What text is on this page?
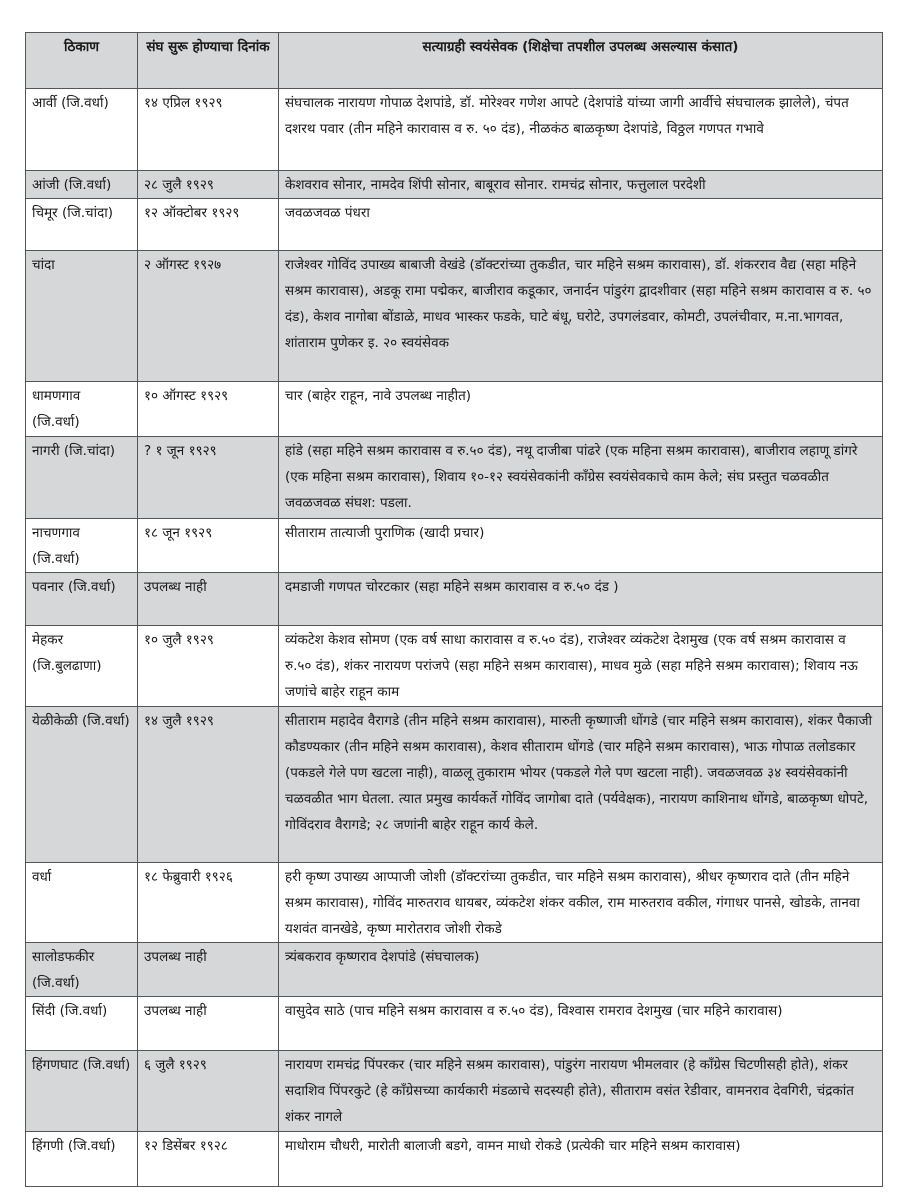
ठिकाण	संघ सुरू होण्याचा दिनांक	सत्याग्रही स्वयंसेवक (शिक्षेचा तपशील उपलब्ध असल्यास कंसात)
आर्वी (जि.वर्धा)	१४ एप्रिल १९२९	संघचालक नारायण गोपाळ देशपांडे, डॉ. मोरेश्वर गणेश आपटे (देशपांडे यांच्या जागी आर्वीचे संघचालक झालेले), चंपत दशरथ पवार (तीन महिने कारावास व रु. ५० दंड), नीळकंठ बाळकृष्ण देशपांडे, विठ्ठल गणपत गभावे
आंजी (जि.वर्धा)	२८ जुलै १९२९	केशवराव सोनार, नामदेव शिंपी सोनार, बाबूराव सोनार. रामचंद्र सोनार, फत्तुलाल परदेशी
चिमूर (जि.चांदा)	१२ ऑक्टोबर १९२९	जवळजवळ पंधरा
चांदा	२ ऑगस्ट १९२७	राजेश्वर गोविंद उपाख्य बाबाजी वेखंडे (डॉक्टरांच्या तुकडीत, चार महिने सश्रम कारावास), डॉ. शंकरराव वैद्य (सहा महिने सश्रम कारावास), अडकू रामा पद्मेकर, बाजीराव कडूकार, जनार्दन पांडुरंग द्वादशीवार (सहा महिने सश्रम कारावास व रु. ५० दंड), केशव नागोबा बोंडाळे, माधव भास्कर फडके, घाटे बंधू, घरोटे, उपगलंडवार, कोमटी, उपलंचीवार, म.ना.भागवत, शांताराम पुणेकर इ. २० स्वयंसेवक
धामणगाव (जि.वर्धा)	१० ऑगस्ट १९२९	चार (बाहेर राहून, नावे उपलब्ध नाहीत)
नागरी (जि.चांदा)	? १ जून १९२९	हांडे (सहा महिने सश्रम कारावास व रु.५० दंड), नथू दाजीबा पांढरे (एक महिना सश्रम कारावास), बाजीराव लहाणू डांगरे (एक महिना सश्रम कारावास), शिवाय १०-१२ स्वयंसेवकांनी काँग्रेस स्वयंसेवकाचे काम केले; संघ प्रस्तुत चळवळीत जवळजवळ संघश: पडला.
नाचणगाव (जि.वर्धा)	१८ जून १९२९	सीताराम तात्याजी पुराणिक (खादी प्रचार)
पवनार (जि.वर्धा)	उपलब्ध नाही	दमडाजी गणपत चोरटकार (सहा महिने सश्रम कारावास व रु.५० दंड )
मेहकर (जि.बुलढाणा)	१० जुलै १९२९	व्यंकटेश केशव सोमण (एक वर्ष साधा कारावास व रु.५० दंड), राजेश्वर व्यंकटेश देशमुख (एक वर्ष सश्रम कारावास व रु.५० दंड), शंकर नारायण परांजपे (सहा महिने सश्रम कारावास), माधव मुळे (सहा महिने सश्रम कारावास); शिवाय नऊ जणांचे बाहेर राहून काम
येळीकेळी (जि.वर्धा)	१४ जुलै १९२९	सीताराम महादेव वैरागडे (तीन महिने सश्रम कारावास), मारुती कृष्णाजी धोंगडे (चार महिने सश्रम कारावास), शंकर पैकाजी कौडण्यकार (तीन महिने सश्रम कारावास), केशव सीताराम धोंगडे (चार महिने सश्रम कारावास), भाऊ गोपाळ तलोडकार (पकडले गेले पण खटला नाही), वाळलू तुकाराम भोयर (पकडले गेले पण खटला नाही). जवळजवळ ३४ स्वयंसेवकांनी चळवळीत भाग घेतला. त्यात प्रमुख कार्यकर्ते गोविंद जागोबा दाते (पर्यवेक्षक), नारायण काशिनाथ धोंगडे, बाळकृष्ण धोपटे, गोविंदराव वैरागडे; २८ जणांनी बाहेर राहून कार्य केले.
वर्धा	१८ फेब्रुवारी १९२६	हरी कृष्ण उपाख्य आप्पाजी जोशी (डॉक्टरांच्या तुकडीत, चार महिने सश्रम कारावास), श्रीधर कृष्णराव दाते (तीन महिने सश्रम कारावास), गोविंद मारुतराव धायबर, व्यंकटेश शंकर वकील, राम मारुतराव वकील, गंगाधर पानसे, खोडके, तानवा यशवंत वानखेडे, कृष्ण मारोतराव जोशी रोकडे
सालोडफकीर (जि.वर्धा)	उपलब्ध नाही	त्र्यंबकराव कृष्णराव देशपांडे (संघचालक)
सिंदी (जि.वर्धा)	उपलब्ध नाही	वासुदेव साठे (पाच महिने सश्रम कारावास व रु.५० दंड), विश्वास रामराव देशमुख (चार महिने कारावास)
हिंगणघाट (जि.वर्धा)	६ जुलै १९२९	नारायण रामचंद्र पिंपरकर (चार महिने सश्रम कारावास), पांडुरंग नारायण भीमलवार (हे काँग्रेस चिटणीसही होते), शंकर सदाशिव पिंपरकुटे (हे काँग्रेसच्या कार्यकारी मंडळाचे सदस्यही होते), सीताराम वसंत रेडीवार, वामनराव देवगिरी, चंद्रकांत शंकर नागले
हिंगणी (जि.वर्धा)	१२ डिसेंबर १९२८	माधोराम चौधरी, मारोती बालाजी बडगे, वामन माधो रोकडे (प्रत्येकी चार महिने सश्रम कारावास)
